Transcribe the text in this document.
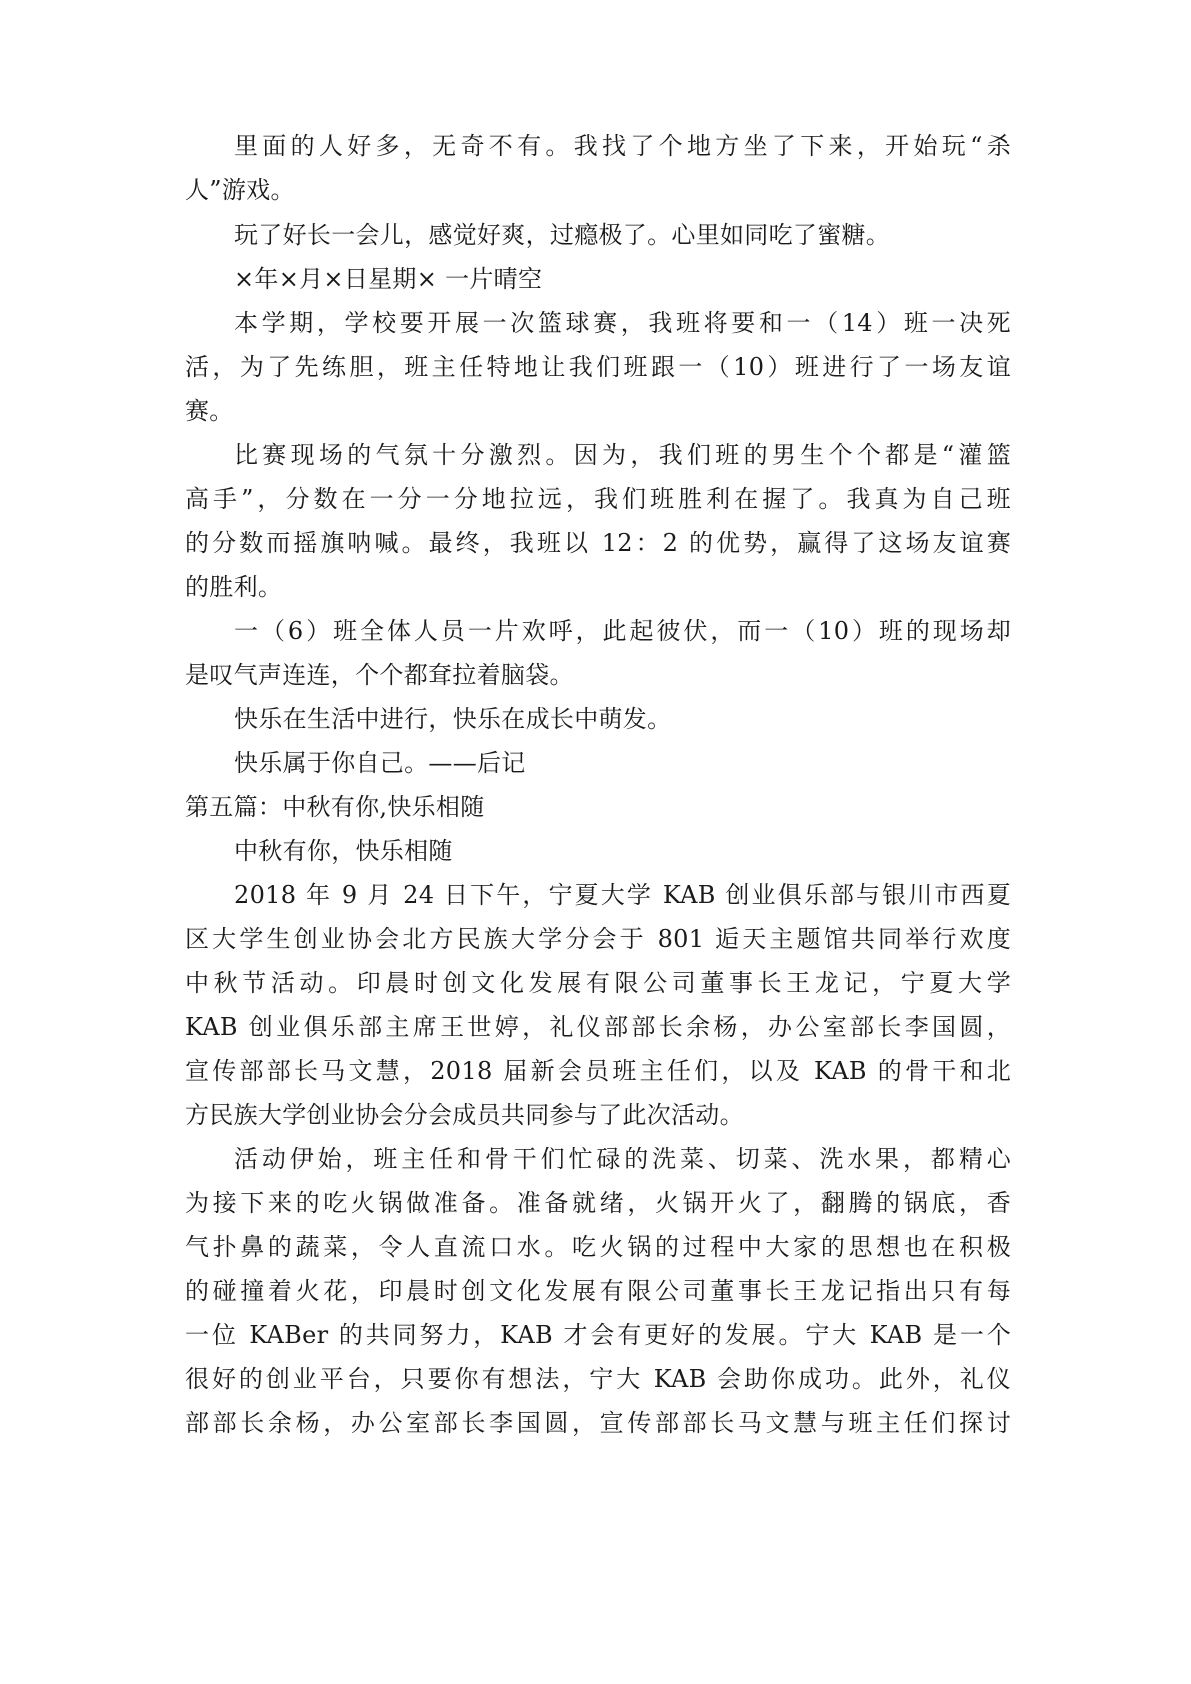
里面的人好多，无奇不有。我找了个地方坐了下来，开始玩“杀
人”游戏。
玩了好长一会儿，感觉好爽，过瘾极了。心里如同吃了蜜糖。
×年×月×日星期× 一片晴空
本学期，学校要开展一次篮球赛，我班将要和一（14）班一决死
活，为了先练胆，班主任特地让我们班跟一（10）班进行了一场友谊
赛。
比赛现场的气氛十分激烈。因为，我们班的男生个个都是“灌篮
高手”，分数在一分一分地拉远，我们班胜利在握了。我真为自己班
的分数而摇旗呐喊。最终，我班以 12：2 的优势，赢得了这场友谊赛
的胜利。
一（6）班全体人员一片欢呼，此起彼伏，而一（10）班的现场却
是叹气声连连，个个都耷拉着脑袋。
快乐在生活中进行，快乐在成长中萌发。
快乐属于你自己。——后记
第五篇：中秋有你,快乐相随
中秋有你，快乐相随
2018 年 9 月 24 日下午，宁夏大学 KAB 创业俱乐部与银川市西夏
区大学生创业协会北方民族大学分会于 801 逅天主题馆共同举行欢度
中秋节活动。印晨时创文化发展有限公司董事长王龙记，宁夏大学
KAB 创业俱乐部主席王世婷，礼仪部部长余杨，办公室部长李国圆，
宣传部部长马文慧，2018 届新会员班主任们，以及 KAB 的骨干和北
方民族大学创业协会分会成员共同参与了此次活动。
活动伊始，班主任和骨干们忙碌的洗菜、切菜、洗水果，都精心
为接下来的吃火锅做准备。准备就绪，火锅开火了，翻腾的锅底，香
气扑鼻的蔬菜，令人直流口水。吃火锅的过程中大家的思想也在积极
的碰撞着火花，印晨时创文化发展有限公司董事长王龙记指出只有每
一位 KABer 的共同努力，KAB 才会有更好的发展。宁大 KAB 是一个
很好的创业平台，只要你有想法，宁大 KAB 会助你成功。此外，礼仪
部部长余杨，办公室部长李国圆，宣传部部长马文慧与班主任们探讨
